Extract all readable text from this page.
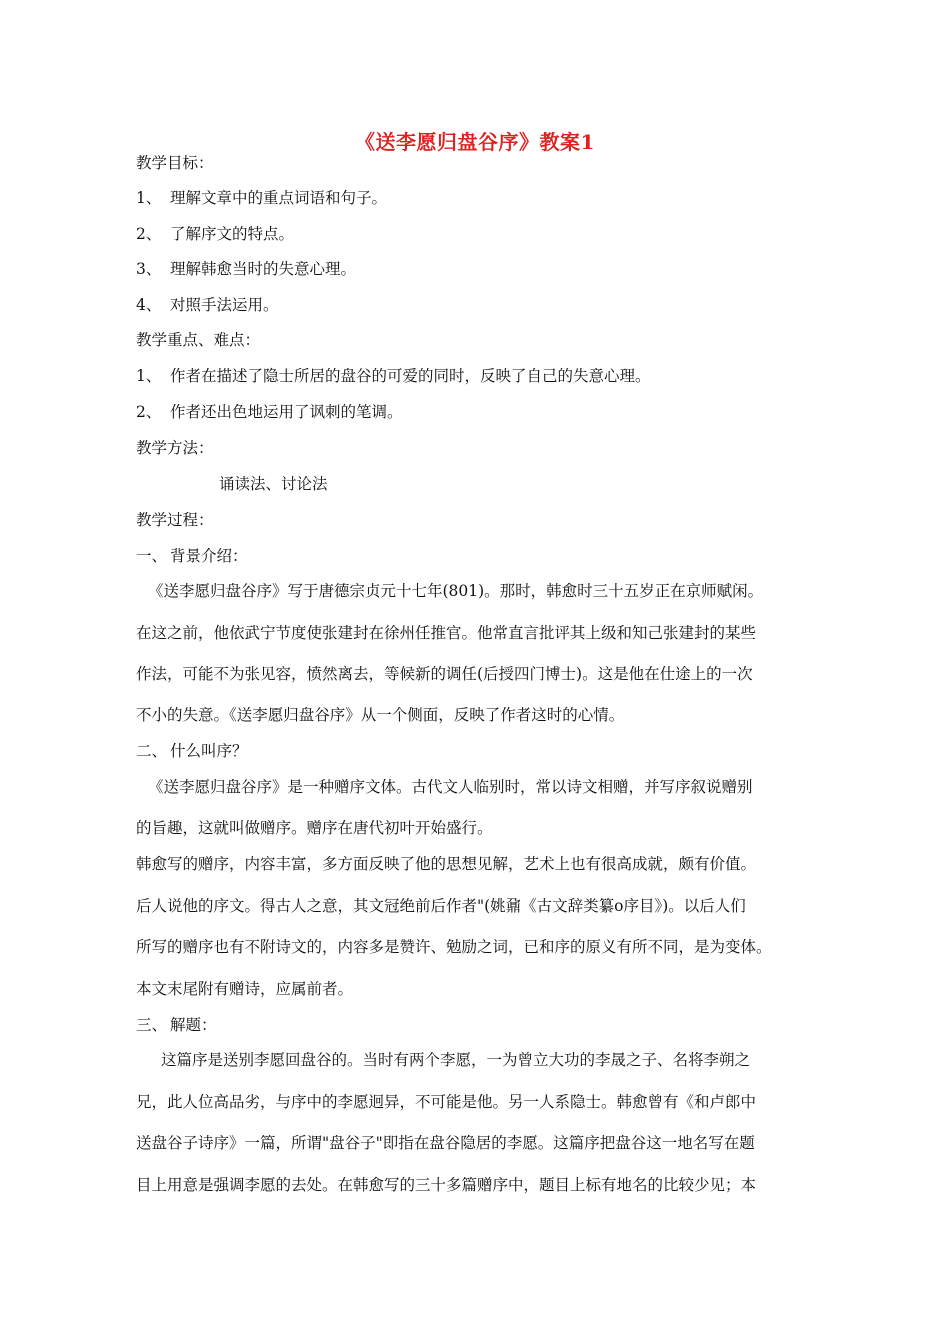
《送李愿归盘谷序》教案1
教学目标：
1、 理解文章中的重点词语和句子。
2、 了解序文的特点。
3、 理解韩愈当时的失意心理。
4、 对照手法运用。
教学重点、难点：
1、 作者在描述了隐士所居的盘谷的可爱的同时，反映了自己的失意心理。
2、 作者还出色地运用了讽刺的笔调。
教学方法：
诵读法、讨论法
教学过程：
一、 背景介绍：
《送李愿归盘谷序》写于唐德宗贞元十七年(801)。那时，韩愈时三十五岁正在京师赋闲。
在这之前，他依武宁节度使张建封在徐州任推官。他常直言批评其上级和知己张建封的某些
作法，可能不为张见容，愤然离去，等候新的调任(后授四门博士)。这是他在仕途上的一次
不小的失意。《送李愿归盘谷序》从一个侧面，反映了作者这时的心情。
二、 什么叫序？
《送李愿归盘谷序》是一种赠序文体。古代文人临别时，常以诗文相赠，并写序叙说赠别
的旨趣，这就叫做赠序。赠序在唐代初叶开始盛行。
韩愈写的赠序，内容丰富，多方面反映了他的思想见解，艺术上也有很高成就，颇有价值。
后人说他的序文。得古人之意，其文冠绝前后作者"(姚鼐《古文辞类纂ο序目》)。以后人们
所写的赠序也有不附诗文的，内容多是赞许、勉励之词，已和序的原义有所不同，是为变体。
本文末尾附有赠诗，应属前者。
三、 解题：
这篇序是送别李愿回盘谷的。当时有两个李愿，一为曾立大功的李晟之子、名将李朔之
兄，此人位高品劣，与序中的李愿迥异，不可能是他。另一人系隐士。韩愈曾有《和卢郎中
送盘谷子诗序》一篇，所谓"盘谷子"即指在盘谷隐居的李愿。这篇序把盘谷这一地名写在题
目上用意是强调李愿的去处。在韩愈写的三十多篇赠序中，题目上标有地名的比较少见；本
